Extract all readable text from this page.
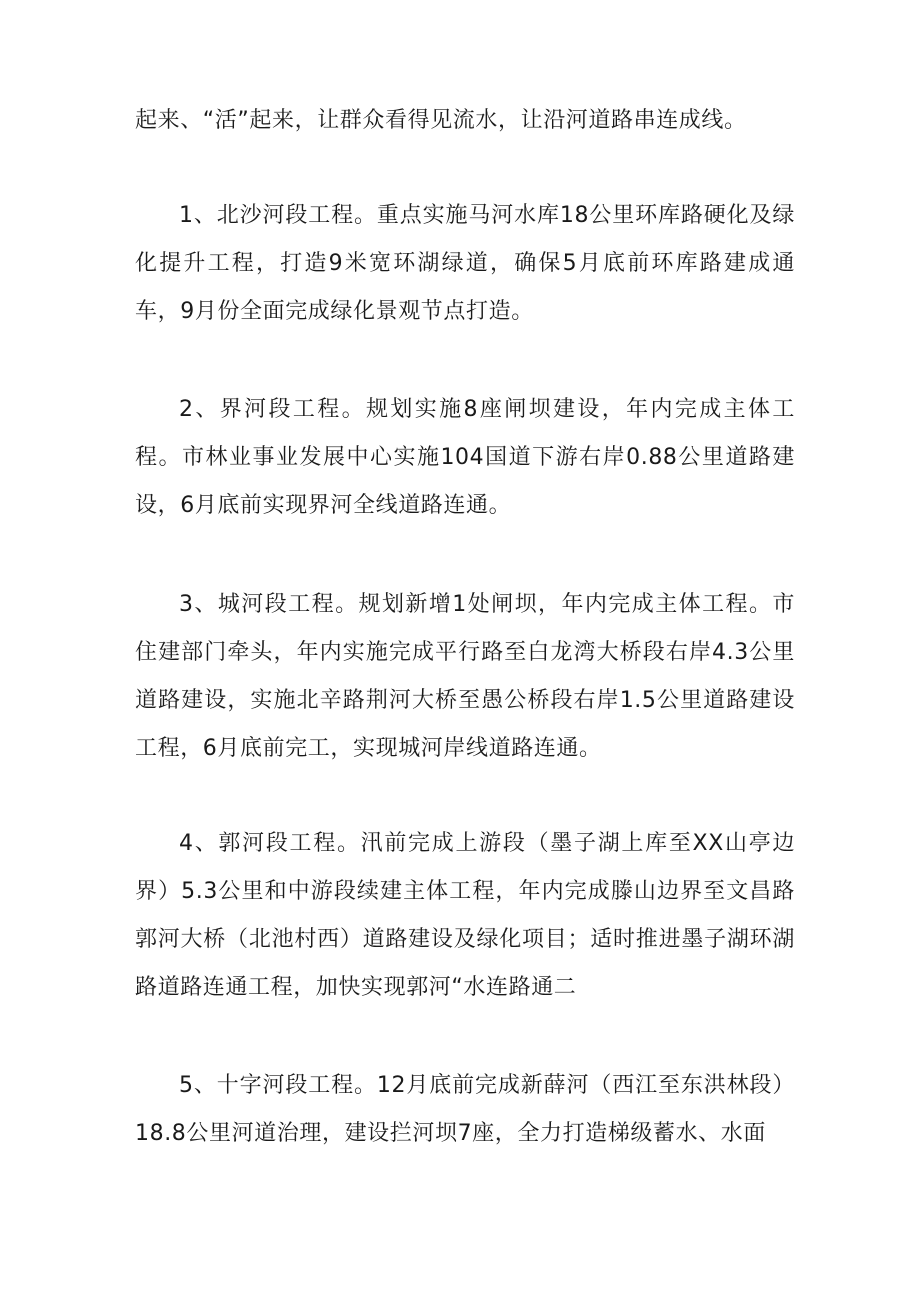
起来、“活”起来，让群众看得见流水，让沿河道路串连成线。

1、北沙河段工程。重点实施马河水库18公里环库路硬化及绿化提升工程，打造9米宽环湖绿道，确保5月底前环库路建成通车，9月份全面完成绿化景观节点打造。

2、界河段工程。规划实施8座闸坝建设，年内完成主体工程。市林业事业发展中心实施104国道下游右岸0.88公里道路建设，6月底前实现界河全线道路连通。

3、城河段工程。规划新增1处闸坝，年内完成主体工程。市住建部门牵头，年内实施完成平行路至白龙湾大桥段右岸4.3公里道路建设，实施北辛路荆河大桥至愚公桥段右岸1.5公里道路建设工程，6月底前完工，实现城河岸线道路连通。

4、郭河段工程。汛前完成上游段（墨子湖上库至XX山亭边界）5.3公里和中游段续建主体工程，年内完成滕山边界至文昌路郭河大桥（北池村西）道路建设及绿化项目；适时推进墨子湖环湖路道路连通工程，加快实现郭河“水连路通二

5、十字河段工程。12月底前完成新薛河（西江至东洪林段）18.8公里河道治理，建设拦河坝7座，全力打造梯级蓄水、水面
